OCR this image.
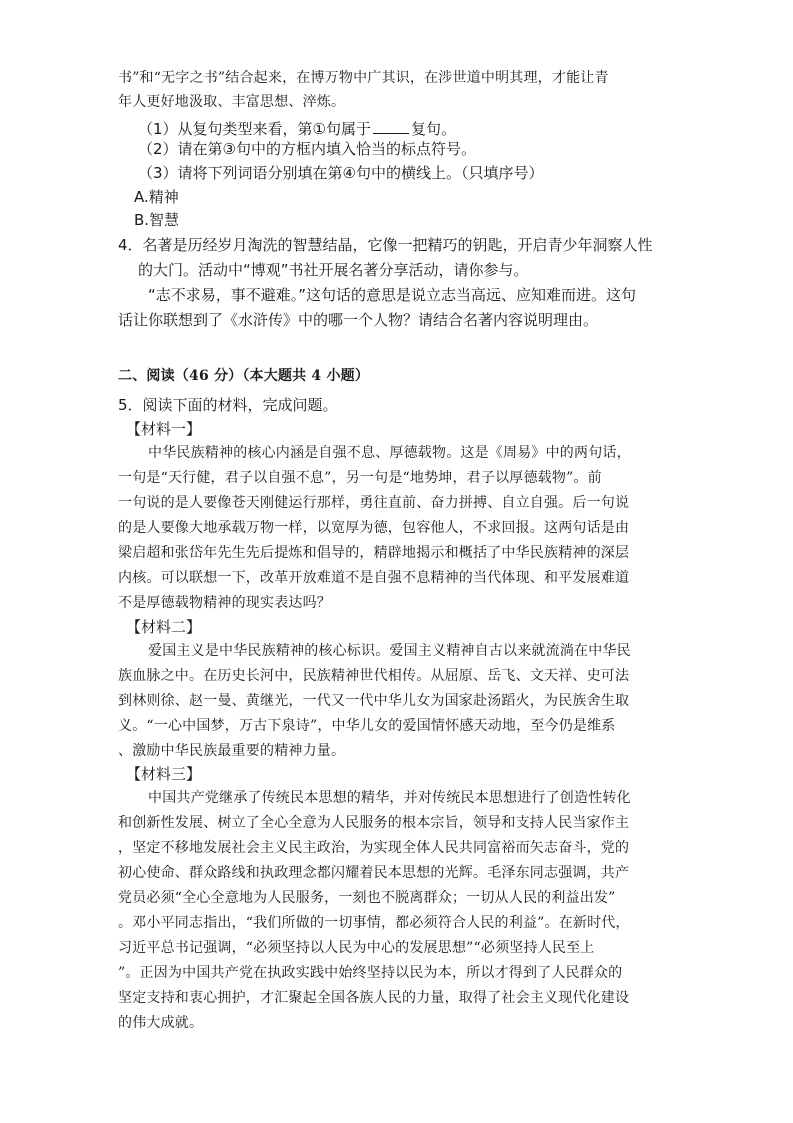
书”和“无字之书”结合起来，在博万物中广其识，在涉世道中明其理，才能让青
年人更好地汲取、丰富思想、淬炼。
（1）从复句类型来看，第①句属于	复句。
（2）请在第③句中的方框内填入恰当的标点符号。
（3）请将下列词语分别填在第④句中的横线上。（只填序号）
A.精神
B.智慧
4．名著是历经岁月淘洗的智慧结晶，它像一把精巧的钥匙，开启青少年洞察人性
的大门。活动中“博观”书社开展名著分享活动，请你参与。
“志不求易，事不避难。”这句话的意思是说立志当高远、应知难而进。这句
话让你联想到了《水浒传》中的哪一个人物？请结合名著内容说明理由。
二、阅读（46 分）（本大题共 4 小题）
5．阅读下面的材料，完成问题。
【材料一】
中华民族精神的核心内涵是自强不息、厚德载物。这是《周易》中的两句话，
一句是“天行健，君子以自强不息”，另一句是“地势坤，君子以厚德载物”。前
一句说的是人要像苍天刚健运行那样，勇往直前、奋力拼搏、自立自强。后一句说
的是人要像大地承载万物一样，以宽厚为德，包容他人，不求回报。这两句话是由
梁启超和张岱年先生先后提炼和倡导的，精辟地揭示和概括了中华民族精神的深层
内核。可以联想一下，改革开放难道不是自强不息精神的当代体现、和平发展难道
不是厚德载物精神的现实表达吗？
【材料二】
爱国主义是中华民族精神的核心标识。爱国主义精神自古以来就流淌在中华民
族血脉之中。在历史长河中，民族精神世代相传。从屈原、岳飞、文天祥、史可法
到林则徐、赵一曼、黄继光，一代又一代中华儿女为国家赴汤蹈火，为民族舍生取
义。“一心中国梦，万古下泉诗”，中华儿女的爱国情怀感天动地，至今仍是维系
、激励中华民族最重要的精神力量。
【材料三】
中国共产党继承了传统民本思想的精华，并对传统民本思想进行了创造性转化
和创新性发展、树立了全心全意为人民服务的根本宗旨，领导和支持人民当家作主
，坚定不移地发展社会主义民主政治，为实现全体人民共同富裕而矢志奋斗，党的
初心使命、群众路线和执政理念都闪耀着民本思想的光辉。毛泽东同志强调，共产
党员必须“全心全意地为人民服务，一刻也不脱离群众；一切从人民的利益出发”
。邓小平同志指出，“我们所做的一切事情，都必须符合人民的利益”。在新时代，
习近平总书记强调，“必须坚持以人民为中心的发展思想”“必须坚持人民至上
”。正因为中国共产党在执政实践中始终坚持以民为本，所以才得到了人民群众的
坚定支持和衷心拥护，才汇聚起全国各族人民的力量，取得了社会主义现代化建设
的伟大成就。
